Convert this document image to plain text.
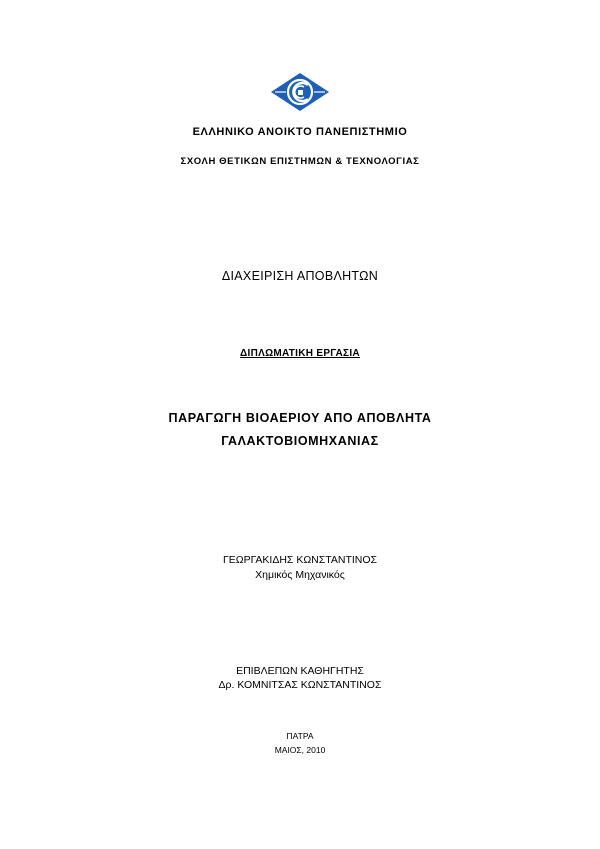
ΕΛΛΗΝΙΚΟ ΑΝΟΙΚΤΟ ΠΑΝΕΠΙΣΤΗΜΙΟ
ΣΧΟΛΗ ΘΕΤΙΚΩΝ ΕΠΙΣΤΗΜΩΝ & ΤΕΧΝΟΛΟΓΙΑΣ
ΔΙΑΧΕΙΡΙΣΗ ΑΠΟΒΛΗΤΩΝ
ΔΙΠΛΩΜΑΤΙΚΗ ΕΡΓΑΣΙΑ
ΠΑΡΑΓΩΓΗ ΒΙΟΑΕΡΙΟΥ ΑΠΟ ΑΠΟΒΛΗΤΑ
ΓΑΛΑΚΤΟΒΙΟΜΗΧΑΝΙΑΣ
ΓΕΩΡΓΑΚΙΔΗΣ ΚΩΝΣΤΑΝΤΙΝΟΣ
Χημικός Μηχανικός
ΕΠΙΒΛΕΠΩΝ ΚΑΘΗΓΗΤΗΣ
Δρ. ΚΟΜΝΙΤΣΑΣ ΚΩΝΣΤΑΝΤΙΝΟΣ
ΠΑΤΡΑ
ΜΑΙΟΣ, 2010
